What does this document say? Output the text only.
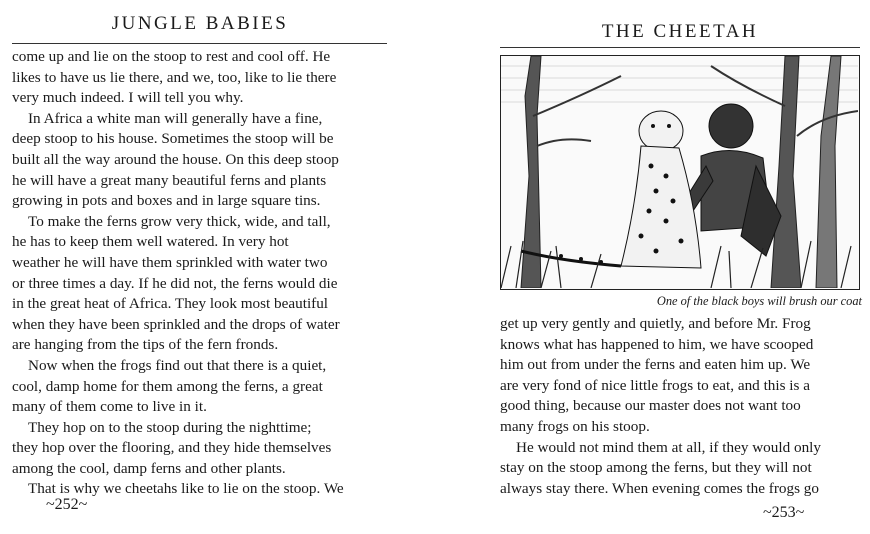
JUNGLE BABIES
come up and lie on the stoop to rest and cool off. He
likes to have us lie there, and we, too, like to lie there
very much indeed. I will tell you why.
In Africa a white man will generally have a fine,
deep stoop to his house. Sometimes the stoop will be
built all the way around the house. On this deep stoop
he will have a great many beautiful ferns and plants
growing in pots and boxes and in large square tins.
To make the ferns grow very thick, wide, and tall,
he has to keep them well watered. In very hot
weather he will have them sprinkled with water two
or three times a day. If he did not, the ferns would die
in the great heat of Africa. They look most beautiful
when they have been sprinkled and the drops of water
are hanging from the tips of the fern fronds.
Now when the frogs find out that there is a quiet,
cool, damp home for them among the ferns, a great
many of them come to live in it.
They hop on to the stoop during the nighttime;
they hop over the flooring, and they hide themselves
among the cool, damp ferns and other plants.
That is why we cheetahs like to lie on the stoop. We
~252~
THE CHEETAH
One of the black boys will brush our coat
get up very gently and quietly, and before Mr. Frog
knows what has happened to him, we have scooped
him out from under the ferns and eaten him up. We
are very fond of nice little frogs to eat, and this is a
good thing, because our master does not want too
many frogs on his stoop.
He would not mind them at all, if they would only
stay on the stoop among the ferns, but they will not
always stay there. When evening comes the frogs go
~253~
